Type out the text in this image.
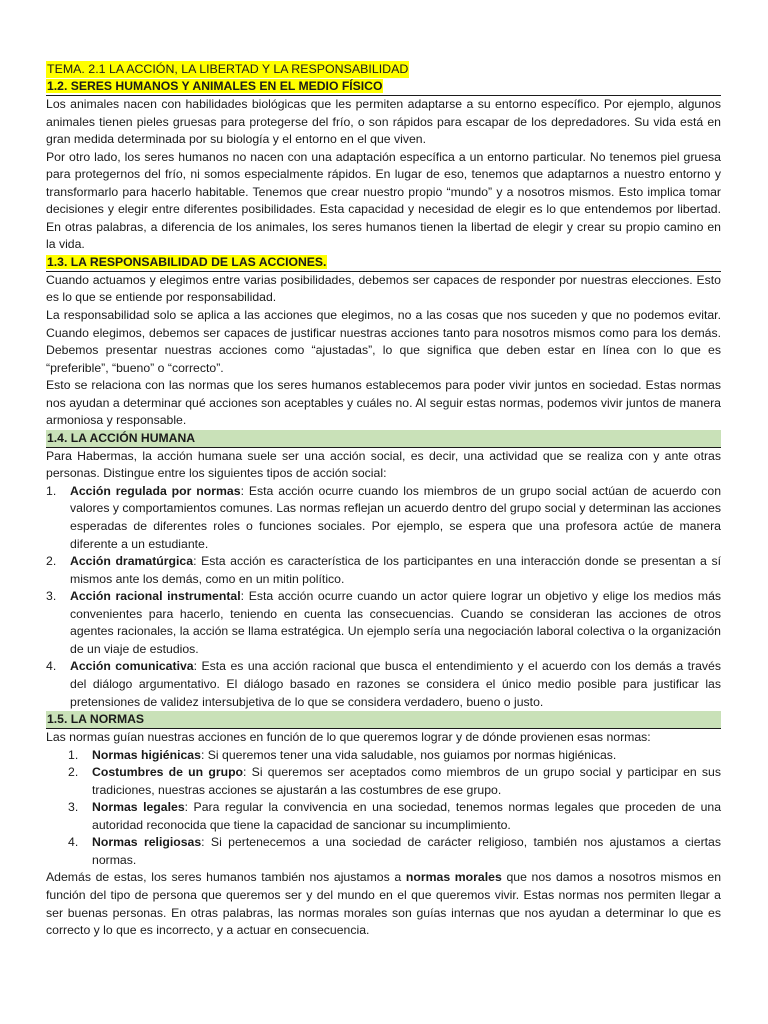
TEMA. 2.1 LA ACCIÓN, LA LIBERTAD Y LA RESPONSABILIDAD
1.2. SERES HUMANOS Y ANIMALES EN EL MEDIO FÍSICO

Los animales nacen con habilidades biológicas que les permiten adaptarse a su entorno específico. Por ejemplo, algunos animales tienen pieles gruesas para protegerse del frío, o son rápidos para escapar de los depredadores. Su vida está en gran medida determinada por su biología y el entorno en el que viven.

Por otro lado, los seres humanos no nacen con una adaptación específica a un entorno particular. No tenemos piel gruesa para protegernos del frío, ni somos especialmente rápidos. En lugar de eso, tenemos que adaptarnos a nuestro entorno y transformarlo para hacerlo habitable. Tenemos que crear nuestro propio “mundo” y a nosotros mismos. Esto implica tomar decisiones y elegir entre diferentes posibilidades. Esta capacidad y necesidad de elegir es lo que entendemos por libertad. En otras palabras, a diferencia de los animales, los seres humanos tienen la libertad de elegir y crear su propio camino en la vida.

1.3. LA RESPONSABILIDAD DE LAS ACCIONES.

Cuando actuamos y elegimos entre varias posibilidades, debemos ser capaces de responder por nuestras elecciones. Esto es lo que se entiende por responsabilidad.

La responsabilidad solo se aplica a las acciones que elegimos, no a las cosas que nos suceden y que no podemos evitar. Cuando elegimos, debemos ser capaces de justificar nuestras acciones tanto para nosotros mismos como para los demás. Debemos presentar nuestras acciones como “ajustadas”, lo que significa que deben estar en línea con lo que es “preferible”, “bueno” o “correcto”.

Esto se relaciona con las normas que los seres humanos establecemos para poder vivir juntos en sociedad. Estas normas nos ayudan a determinar qué acciones son aceptables y cuáles no. Al seguir estas normas, podemos vivir juntos de manera armoniosa y responsable.

1.4. LA ACCIÓN HUMANA

Para Habermas, la acción humana suele ser una acción social, es decir, una actividad que se realiza con y ante otras personas. Distingue entre los siguientes tipos de acción social:

1.	Acción regulada por normas: Esta acción ocurre cuando los miembros de un grupo social actúan de acuerdo con valores y comportamientos comunes. Las normas reflejan un acuerdo dentro del grupo social y determinan las acciones esperadas de diferentes roles o funciones sociales. Por ejemplo, se espera que una profesora actúe de manera diferente a un estudiante.
2.	Acción dramatúrgica: Esta acción es característica de los participantes en una interacción donde se presentan a sí mismos ante los demás, como en un mitin político.
3.	Acción racional instrumental: Esta acción ocurre cuando un actor quiere lograr un objetivo y elige los medios más convenientes para hacerlo, teniendo en cuenta las consecuencias. Cuando se consideran las acciones de otros agentes racionales, la acción se llama estratégica. Un ejemplo sería una negociación laboral colectiva o la organización de un viaje de estudios.
4.	Acción comunicativa: Esta es una acción racional que busca el entendimiento y el acuerdo con los demás a través del diálogo argumentativo. El diálogo basado en razones se considera el único medio posible para justificar las pretensiones de validez intersubjetiva de lo que se considera verdadero, bueno o justo.
1.5. LA NORMAS

Las normas guían nuestras acciones en función de lo que queremos lograr y de dónde provienen esas normas:

1.	Normas higiénicas: Si queremos tener una vida saludable, nos guiamos por normas higiénicas.
2.	Costumbres de un grupo: Si queremos ser aceptados como miembros de un grupo social y participar en sus tradiciones, nuestras acciones se ajustarán a las costumbres de ese grupo.
3.	Normas legales: Para regular la convivencia en una sociedad, tenemos normas legales que proceden de una autoridad reconocida que tiene la capacidad de sancionar su incumplimiento.
4.	Normas religiosas: Si pertenecemos a una sociedad de carácter religioso, también nos ajustamos a ciertas normas.

Además de estas, los seres humanos también nos ajustamos a normas morales que nos damos a nosotros mismos en función del tipo de persona que queremos ser y del mundo en el que queremos vivir. Estas normas nos permiten llegar a ser buenas personas. En otras palabras, las normas morales son guías internas que nos ayudan a determinar lo que es correcto y lo que es incorrecto, y a actuar en consecuencia.
